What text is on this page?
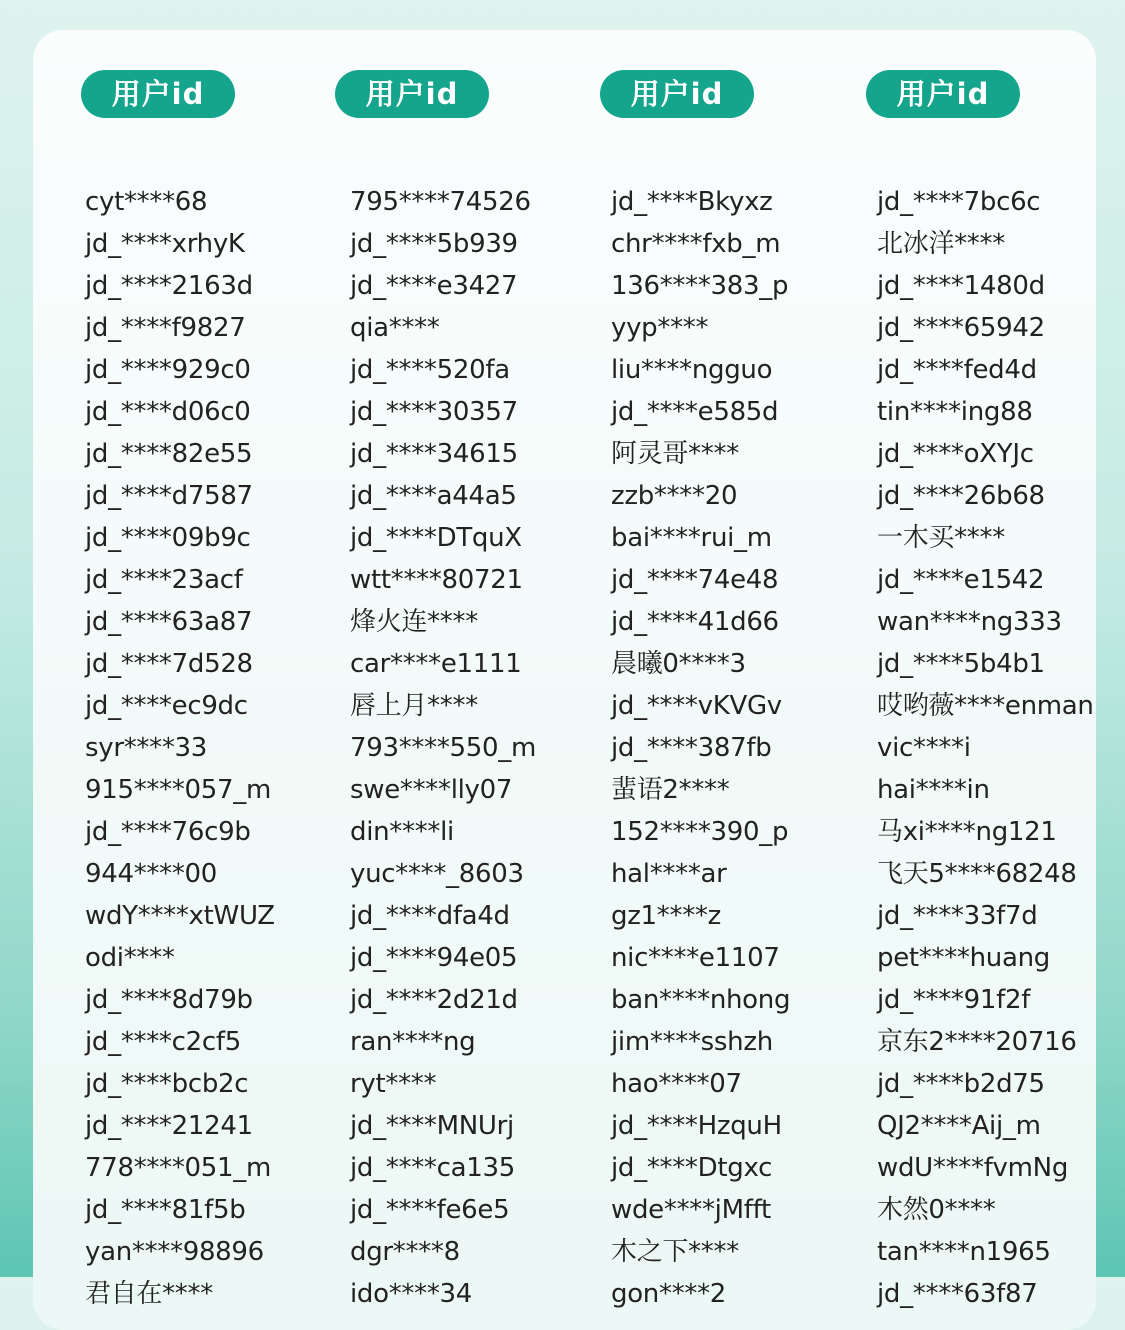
用户id
cyt****68
jd_****xrhyK
jd_****2163d
jd_****f9827
jd_****929c0
jd_****d06c0
jd_****82e55
jd_****d7587
jd_****09b9c
jd_****23acf
jd_****63a87
jd_****7d528
jd_****ec9dc
syr****33
915****057_m
jd_****76c9b
944****00
wdY****xtWUZ
odi****
jd_****8d79b
jd_****c2cf5
jd_****bcb2c
jd_****21241
778****051_m
jd_****81f5b
yan****98896
君自在****
用户id
795****74526
jd_****5b939
jd_****e3427
qia****
jd_****520fa
jd_****30357
jd_****34615
jd_****a44a5
jd_****DTquX
wtt****80721
烽火连****
car****e1111
唇上月****
793****550_m
swe****lly07
din****li
yuc****_8603
jd_****dfa4d
jd_****94e05
jd_****2d21d
ran****ng
ryt****
jd_****MNUrj
jd_****ca135
jd_****fe6e5
dgr****8
ido****34
用户id
jd_****Bkyxz
chr****fxb_m
136****383_p
yyp****
liu****ngguo
jd_****e585d
阿灵哥****
zzb****20
bai****rui_m
jd_****74e48
jd_****41d66
晨曦0****3
jd_****vKVGv
jd_****387fb
蜚语2****
152****390_p
hal****ar
gz1****z
nic****e1107
ban****nhong
jim****sshzh
hao****07
jd_****HzquH
jd_****Dtgxc
wde****jMfft
木之下****
gon****2
用户id
jd_****7bc6c
北冰洋****
jd_****1480d
jd_****65942
jd_****fed4d
tin****ing88
jd_****oXYJc
jd_****26b68
一木买****
jd_****e1542
wan****ng333
jd_****5b4b1
哎哟薇****enman
vic****i
hai****in
马xi****ng121
飞天5****68248
jd_****33f7d
pet****huang
jd_****91f2f
京东2****20716
jd_****b2d75
QJ2****Aij_m
wdU****fvmNg
木然0****
tan****n1965
jd_****63f87
